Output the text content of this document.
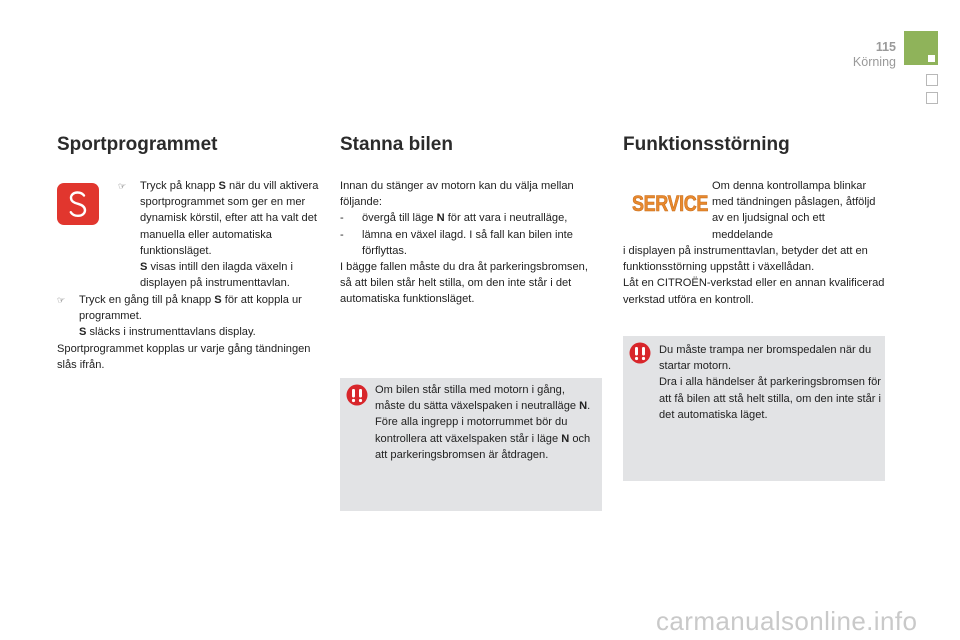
115
Körning
Sportprogrammet
☞ Tryck på knapp S när du vill aktivera sportprogrammet som ger en mer dynamisk körstil, efter att ha valt det manuella eller automatiska funktionsläget.
S visas intill den ilagda växeln i displayen på instrumenttavlan.
☞ Tryck en gång till på knapp S för att koppla ur programmet.
S släcks i instrumenttavlans display.

Sportprogrammet kopplas ur varje gång tändningen slås ifrån.

Stanna bilen

Innan du stänger av motorn kan du välja mellan följande:

- övergå till läge N för att vara i neutralläge,
- lämna en växel ilagd. I så fall kan bilen inte förflyttas.

I bägge fallen måste du dra åt parkeringsbromsen, så att bilen står helt stilla, om den inte står i det automatiska funktionsläget.

Om bilen står stilla med motorn i gång, måste du sätta växelspaken i neutralläge N.

Före alla ingrepp i motorrummet bör du kontrollera att växelspaken står i läge N och att parkeringsbromsen är åtdragen.

Funktionsstörning
SERVICE
Om denna kontrollampa blinkar med tändningen påslagen, åtföljd av en ljudsignal och ett meddelande

i displayen på instrumenttavlan, betyder det att en funktionsstörning uppstått i växellådan.

Låt en CITROËN-verkstad eller en annan kvalificerad verkstad utföra en kontroll.

Du måste trampa ner bromspedalen när du startar motorn.

Dra i alla händelser åt parkeringsbromsen för att få bilen att stå helt stilla, om den inte står i det automatiska läget.

carmanualsonline.info
